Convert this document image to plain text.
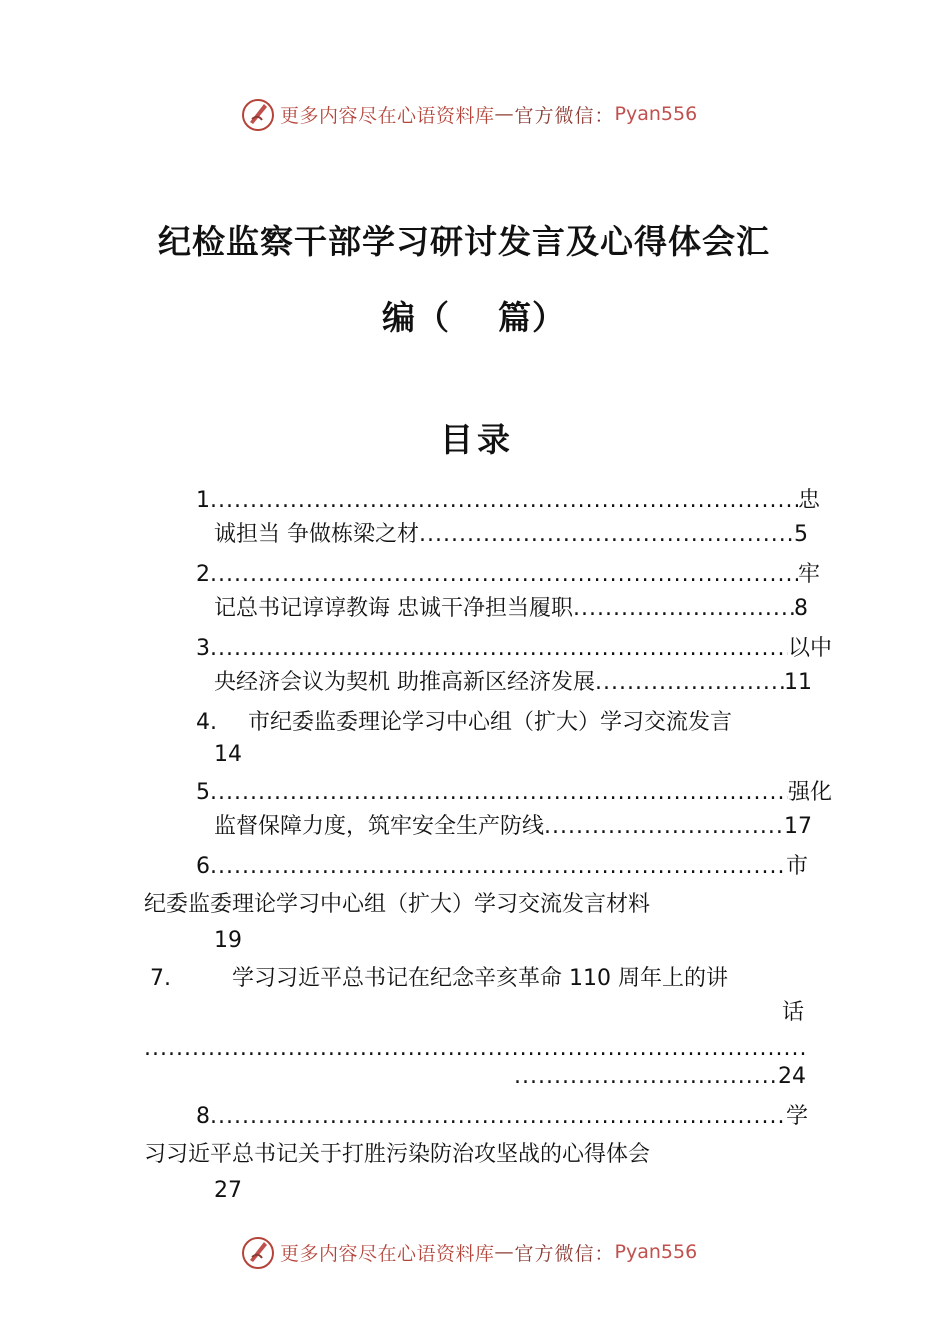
更多内容尽在心语资料库 — 官方微信： Pyan556
纪检监察干部学习研讨发言及心得体会汇
编（ 篇）
目录
1 .....	忠
诚担当 争做栋梁之材 .....	5
2 .....	牢
记总书记谆谆教诲 忠诚干净担当履职 .....	8
3 .....	以中
央经济会议为契机 助推高新区经济发展 .....	11
4. 市纪委监委理论学习中心组（扩大）学习交流发言
14
5 .....	强化
监督保障力度，筑牢安全生产防线 .....	17
6 .....	市
纪委监委理论学习中心组（扩大）学习交流发言材料
19
7.	学习习近平总书记在纪念辛亥革命 110 周年上的讲
话
.....
.....
24
8 .....	学
习习近平总书记关于打胜污染防治攻坚战的心得体会
27
更多内容尽在心语资料库 — 官方微信： Pyan556
